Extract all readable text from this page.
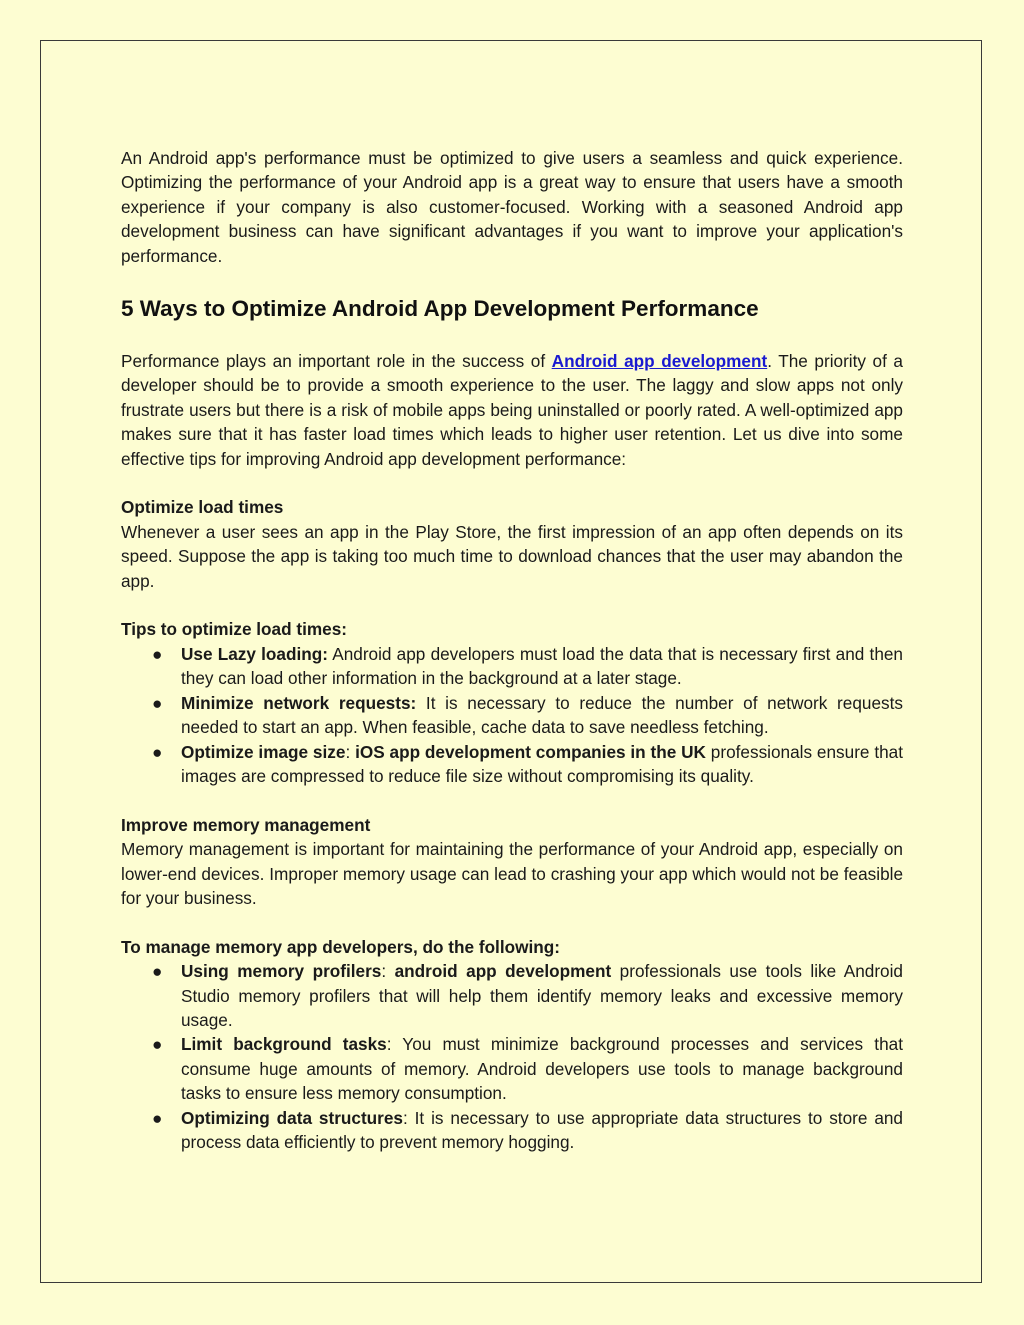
An Android app's performance must be optimized to give users a seamless and quick experience. Optimizing the performance of your Android app is a great way to ensure that users have a smooth experience if your company is also customer-focused. Working with a seasoned Android app development business can have significant advantages if you want to improve your application's performance.

5 Ways to Optimize Android App Development Performance

Performance plays an important role in the success of Android app development. The priority of a developer should be to provide a smooth experience to the user. The laggy and slow apps not only frustrate users but there is a risk of mobile apps being uninstalled or poorly rated. A well-optimized app makes sure that it has faster load times which leads to higher user retention. Let us dive into some effective tips for improving Android app development performance:

Optimize load times

Whenever a user sees an app in the Play Store, the first impression of an app often depends on its speed. Suppose the app is taking too much time to download chances that the user may abandon the app.

Tips to optimize load times:

● Use Lazy loading: Android app developers must load the data that is necessary first and then they can load other information in the background at a later stage.
● Minimize network requests: It is necessary to reduce the number of network requests needed to start an app. When feasible, cache data to save needless fetching.
● Optimize image size: iOS app development companies in the UK professionals ensure that images are compressed to reduce file size without compromising its quality.

Improve memory management

Memory management is important for maintaining the performance of your Android app, especially on lower-end devices. Improper memory usage can lead to crashing your app which would not be feasible for your business.

To manage memory app developers, do the following:

● Using memory profilers: android app development professionals use tools like Android Studio memory profilers that will help them identify memory leaks and excessive memory usage.
● Limit background tasks: You must minimize background processes and services that consume huge amounts of memory. Android developers use tools to manage background tasks to ensure less memory consumption.
● Optimizing data structures: It is necessary to use appropriate data structures to store and process data efficiently to prevent memory hogging.
